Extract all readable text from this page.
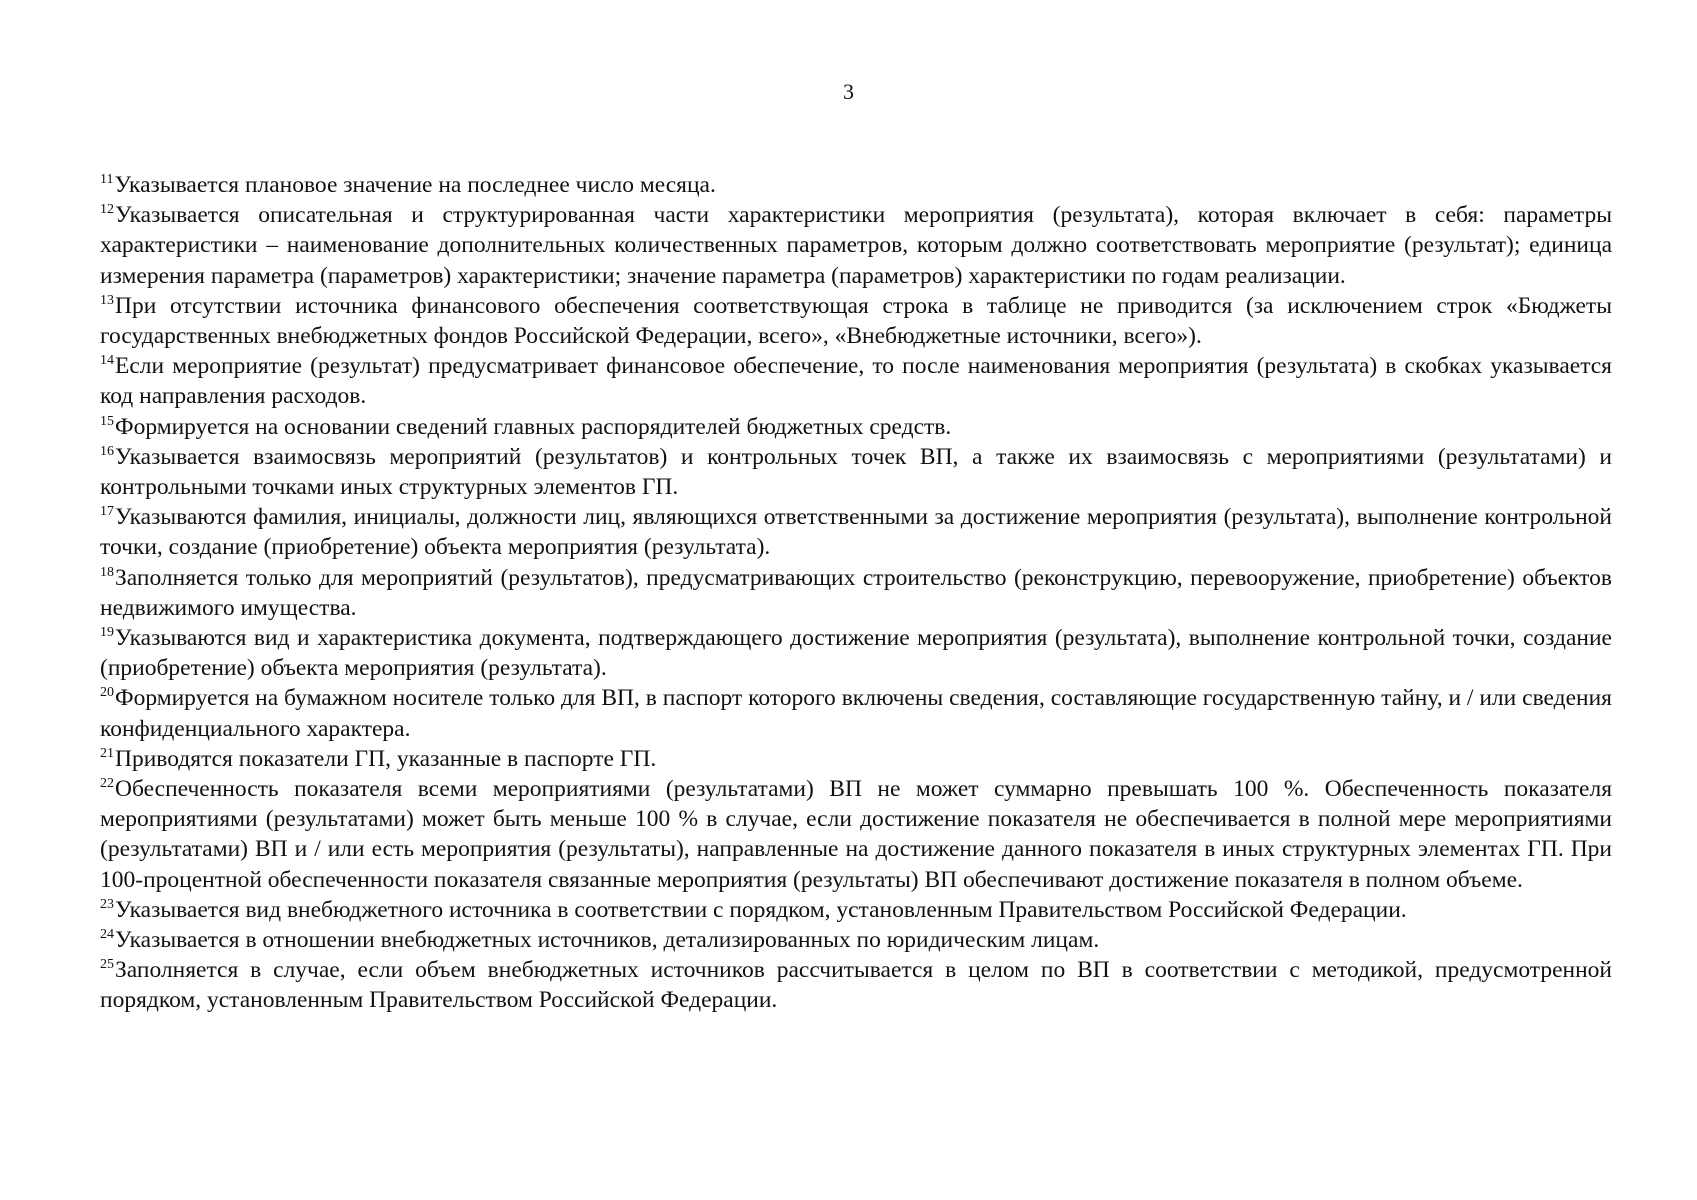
3

$^{11}$Указывается плановое значение на последнее число месяца.

$^{12}$Указывается описательная и структурированная части характеристики мероприятия (результата), которая включает в себя: параметры характеристики – наименование дополнительных количественных параметров, которым должно соответствовать мероприятие (результат); единица измерения параметра (параметров) характеристики; значение параметра (параметров) характеристики по годам реализации.

$^{13}$При отсутствии источника финансового обеспечения соответствующая строка в таблице не приводится (за исключением строк «Бюджеты государственных внебюджетных фондов Российской Федерации, всего», «Внебюджетные источники, всего»).

$^{14}$Если мероприятие (результат) предусматривает финансовое обеспечение, то после наименования мероприятия (результата) в скобках указывается код направления расходов.

$^{15}$Формируется на основании сведений главных распорядителей бюджетных средств.

$^{16}$Указывается взаимосвязь мероприятий (результатов) и контрольных точек ВП, а также их взаимосвязь с мероприятиями (результатами) и контрольными точками иных структурных элементов ГП.

$^{17}$Указываются фамилия, инициалы, должности лиц, являющихся ответственными за достижение мероприятия (результата), выполнение контрольной точки, создание (приобретение) объекта мероприятия (результата).

$^{18}$Заполняется только для мероприятий (результатов), предусматривающих строительство (реконструкцию, перевооружение, приобретение) объектов недвижимого имущества.

$^{19}$Указываются вид и характеристика документа, подтверждающего достижение мероприятия (результата), выполнение контрольной точки, создание (приобретение) объекта мероприятия (результата).

$^{20}$Формируется на бумажном носителе только для ВП, в паспорт которого включены сведения, составляющие государственную тайну, и / или сведения конфиденциального характера.

$^{21}$Приводятся показатели ГП, указанные в паспорте ГП.

$^{22}$Обеспеченность показателя всеми мероприятиями (результатами) ВП не может суммарно превышать 100 %. Обеспеченность показателя мероприятиями (результатами) может быть меньше 100 % в случае, если достижение показателя не обеспечивается в полной мере мероприятиями (результатами) ВП и / или есть мероприятия (результаты), направленные на достижение данного показателя в иных структурных элементах ГП. При 100-процентной обеспеченности показателя связанные мероприятия (результаты) ВП обеспечивают достижение показателя в полном объеме.

$^{23}$Указывается вид внебюджетного источника в соответствии с порядком, установленным Правительством Российской Федерации.

$^{24}$Указывается в отношении внебюджетных источников, детализированных по юридическим лицам.

$^{25}$Заполняется в случае, если объем внебюджетных источников рассчитывается в целом по ВП в соответствии с методикой, предусмотренной порядком, установленным Правительством Российской Федерации.
